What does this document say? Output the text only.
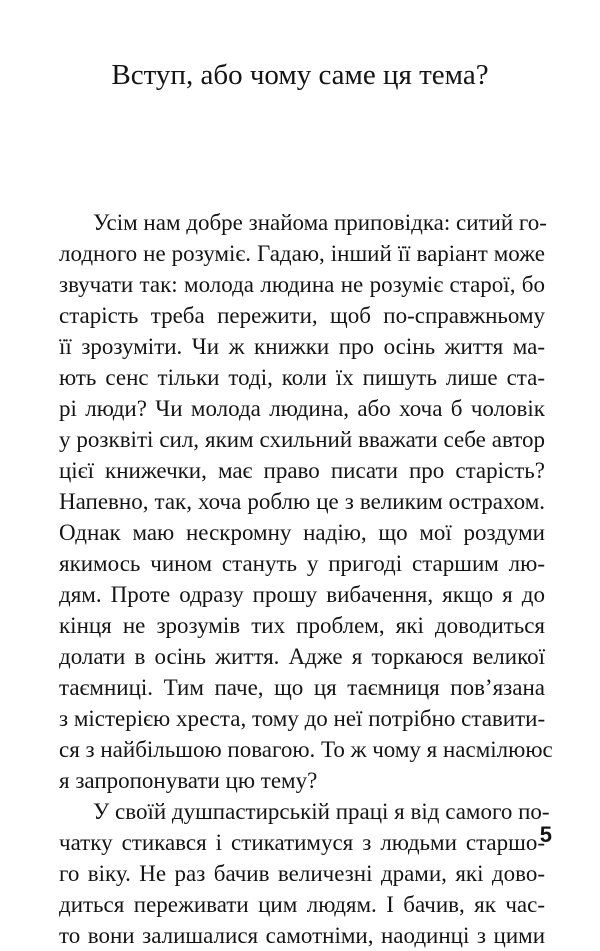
Вступ, або чому саме ця тема?
Усім нам добре знайома приповідка: ситий го-
лодного не розуміє. Гадаю, інший її варіант може
звучати так: молода людина не розуміє старої, бо
старість треба пережити, щоб по-справжньому
її зрозуміти. Чи ж книжки про осінь життя ма-
ють сенс тільки тоді, коли їх пишуть лише ста-
рі люди? Чи молода людина, або хоча б чоловік
у розквіті сил, яким схильний вважати себе автор
цієї книжечки, має право писати про старість?
Напевно, так, хоча роблю це з великим острахом.
Однак маю нескромну надію, що мої роздуми
якимось чином стануть у пригоді старшим лю-
дям. Проте одразу прошу вибачення, якщо я до
кінця не зрозумів тих проблем, які доводиться
долати в осінь життя. Адже я торкаюся великої
таємниці. Тим паче, що ця таємниця пов’язана
з містерією хреста, тому до неї потрібно ставити-
ся з найбільшою повагою. То ж чому я насмілююс
я запропонувати цю тему?
У своїй душпастирській праці я від самого по-
чатку стикався і стикатимуся з людьми старшо-
го віку. Не раз бачив величезні драми, які дово-
диться переживати цим людям. І бачив, як час-
то вони залишалися самотніми, наодинці з цими
5
